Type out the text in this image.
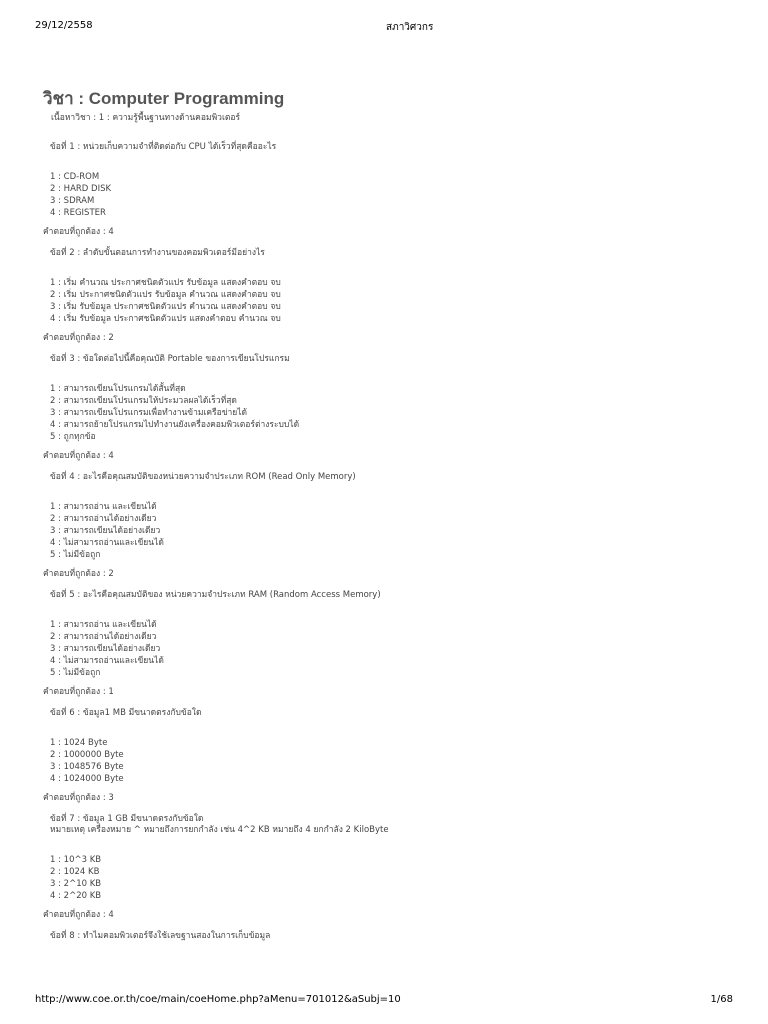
29/12/2558	สภาวิศวกร
วิชา : Computer Programming
เนื้อหาวิชา : 1 : ความรู้พื้นฐานทางด้านคอมพิวเตอร์
ข้อที่ 1 : หน่วยเก็บความจำที่ติดต่อกับ CPU ได้เร็วที่สุดคืออะไร
1 : CD-ROM
2 : HARD DISK
3 : SDRAM
4 : REGISTER
คำตอบที่ถูกต้อง : 4
ข้อที่ 2 : ลำดับขั้นตอนการทำงานของคอมพิวเตอร์มีอย่างไร
1 : เริ่ม คำนวณ ประกาศชนิดตัวแปร รับข้อมูล แสดงคำตอบ จบ
2 : เริ่ม ประกาศชนิดตัวแปร รับข้อมูล คำนวณ แสดงคำตอบ จบ
3 : เริ่ม รับข้อมูล ประกาศชนิดตัวแปร คำนวณ แสดงคำตอบ จบ
4 : เริ่ม รับข้อมูล ประกาศชนิดตัวแปร แสดงคำตอบ คำนวณ จบ
คำตอบที่ถูกต้อง : 2
ข้อที่ 3 : ข้อใดต่อไปนี้คือคุณบัติ Portable ของการเขียนโปรแกรม
1 : สามารถเขียนโปรแกรมได้สั้นที่สุด
2 : สามารถเขียนโปรแกรมให้ประมวลผลได้เร็วที่สุด
3 : สามารถเขียนโปรแกรมเพื่อทำงานข้ามเครือข่ายได้
4 : สามารถย้ายโปรแกรมไปทำงานยังเครื่องคอมพิวเตอร์ต่างระบบได้
5 : ถูกทุกข้อ
คำตอบที่ถูกต้อง : 4
ข้อที่ 4 : อะไรคือคุณสมบัติของหน่วยความจำประเภท ROM (Read Only Memory)
1 : สามารถอ่าน และเขียนได้
2 : สามารถอ่านได้อย่างเดียว
3 : สามารถเขียนได้อย่างเดียว
4 : ไม่สามารถอ่านและเขียนได้
5 : ไม่มีข้อถูก
คำตอบที่ถูกต้อง : 2
ข้อที่ 5 : อะไรคือคุณสมบัติของ หน่วยความจำประเภท RAM (Random Access Memory)
1 : สามารถอ่าน และเขียนได้
2 : สามารถอ่านได้อย่างเดียว
3 : สามารถเขียนได้อย่างเดียว
4 : ไม่สามารถอ่านและเขียนได้
5 : ไม่มีข้อถูก
คำตอบที่ถูกต้อง : 1
ข้อที่ 6 : ข้อมูล1 MB มีขนาดตรงกับข้อใด
1 : 1024 Byte
2 : 1000000 Byte
3 : 1048576 Byte
4 : 1024000 Byte
คำตอบที่ถูกต้อง : 3
ข้อที่ 7 : ข้อมูล 1 GB มีขนาดตรงกับข้อใด
หมายเหตุ เครื่องหมาย ^ หมายถึงการยกกำลัง เช่น 4^2 KB หมายถึง 4 ยกกำลัง 2 KiloByte
1 : 10^3 KB
2 : 1024 KB
3 : 2^10 KB
4 : 2^20 KB
คำตอบที่ถูกต้อง : 4
ข้อที่ 8 : ทำไมคอมพิวเตอร์จึงใช้เลขฐานสองในการเก็บข้อมูล
http://www.coe.or.th/coe/main/coeHome.php?aMenu=701012&aSubj=10	1/68
